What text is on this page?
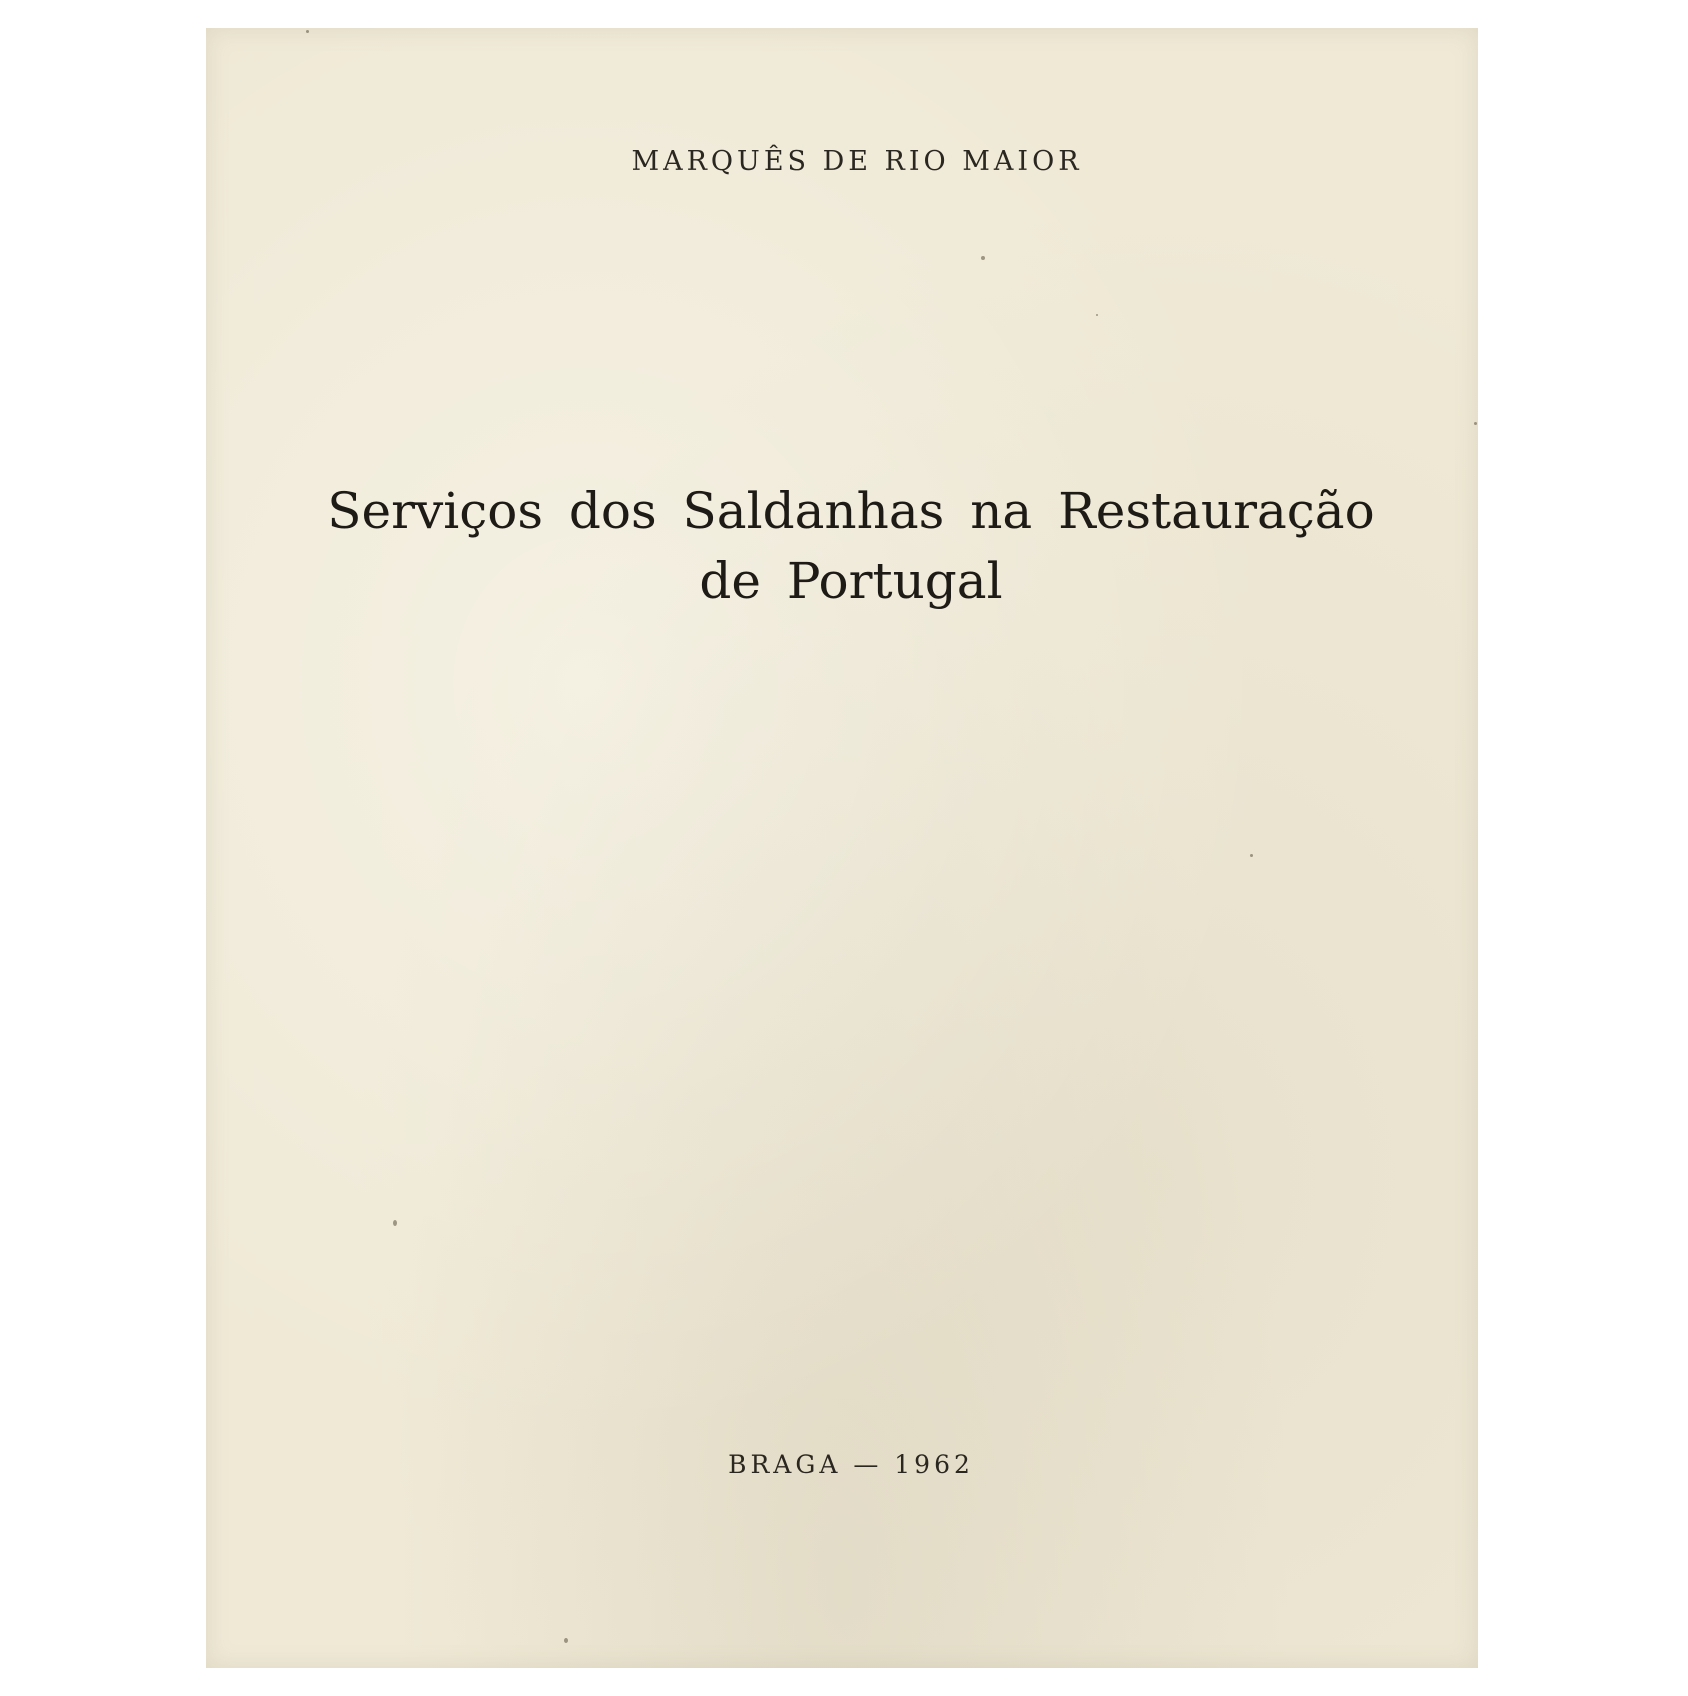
MARQUÊS DE RIO MAIOR

Serviços dos Saldanhas na Restauração
de Portugal

BRAGA — 1962
